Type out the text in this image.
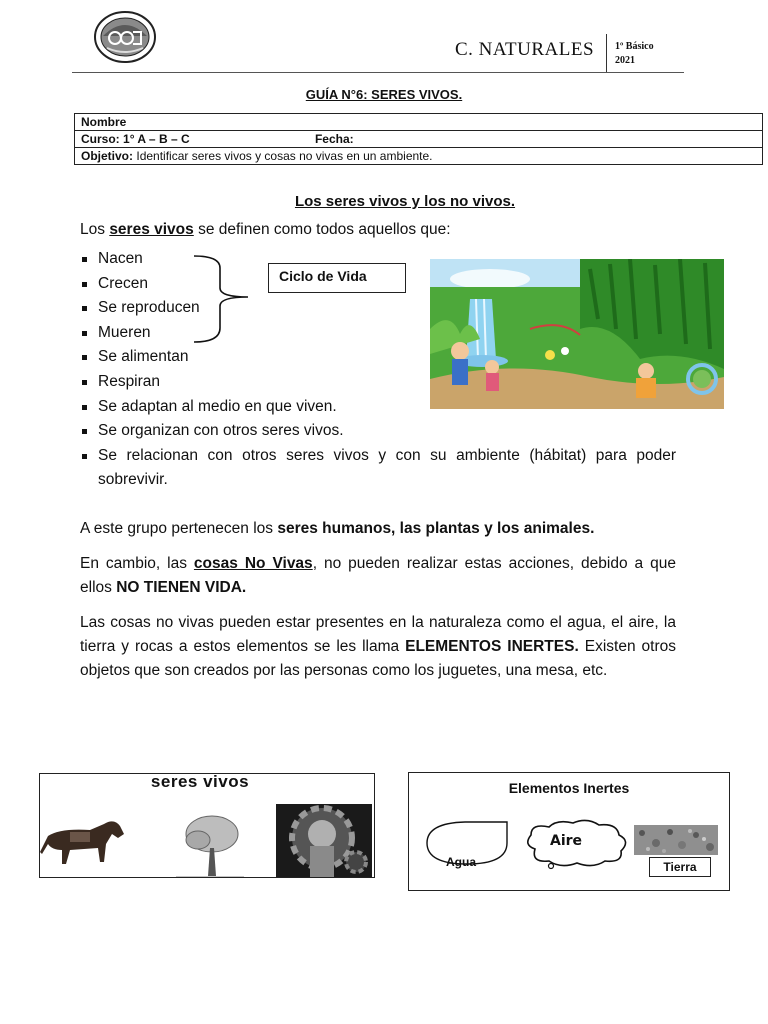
C. NATURALES 1º Básico
2021
GUÍA N°6: SERES VIVOS.
Nombre
Curso: 1° A – B – C	Fecha:
Objetivo: Identificar seres vivos y cosas no vivas en un ambiente.
Los seres vivos y los no vivos.
Los seres vivos se definen como todos aquellos que:
Nacen
Crecen
Se reproducen
Mueren
Se alimentan
Respiran
Se adaptan al medio en que viven.
Se organizan con otros seres vivos.
Se relacionan con otros seres vivos y con su ambiente (hábitat) para poder sobrevivir.
Ciclo de Vida
A este grupo pertenecen los seres humanos, las plantas y los animales.
En cambio, las cosas No Vivas, no pueden realizar estas acciones, debido a que ellos NO TIENEN VIDA.
Las cosas no vivas pueden estar presentes en la naturaleza como el agua, el aire, la tierra y rocas a estos elementos se les llama ELEMENTOS INERTES. Existen otros objetos que son creados por las personas como los juguetes, una mesa, etc.
seres vivos	Elementos Inertes
Agua
Aire
Tierra
